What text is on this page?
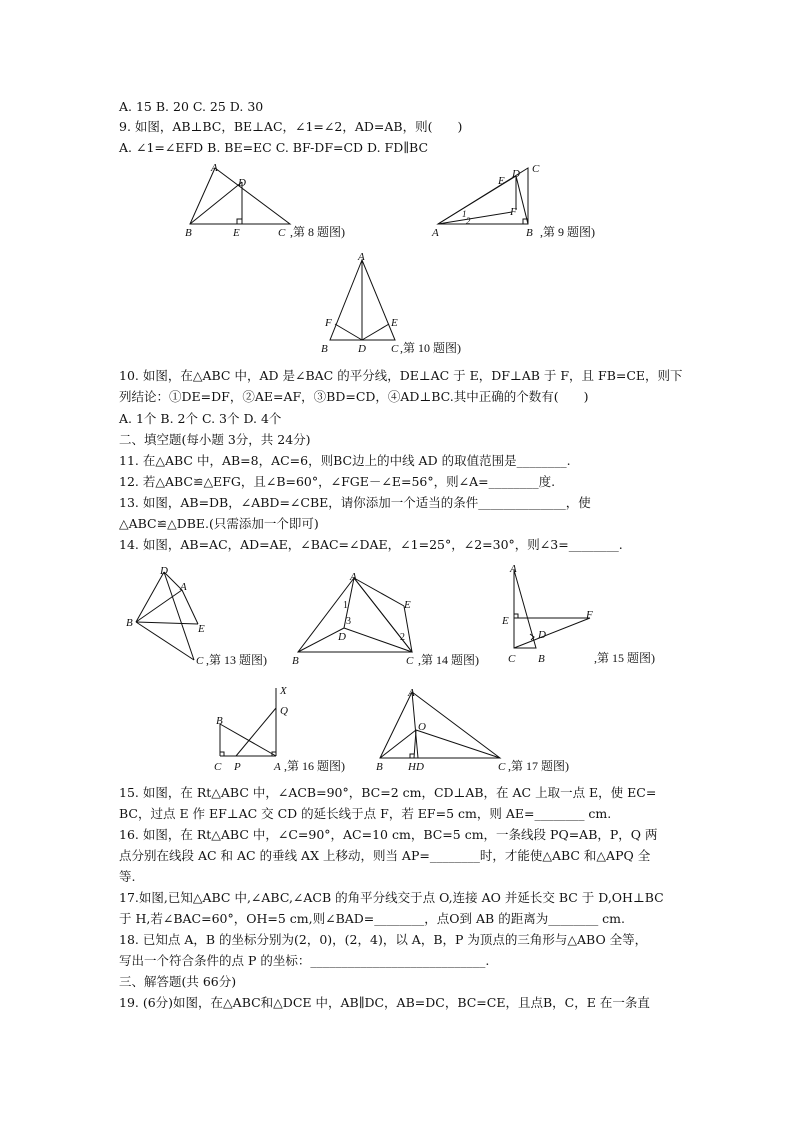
A. 15 B. 20 C. 25 D. 30
9. 如图，AB⊥BC，BE⊥AC，∠1=∠2，AD=AB，则(　　)
A. ∠1=∠EFD B. BE=EC C. BF-DF=CD D. FD∥BC
A
D
B	E	C ,第 8 题图)
C
E
D
1
2
F
A	B ,第 9 题图)
A
F	E
B	D C ,第 10 题图)
10. 如图，在△ABC 中，AD 是∠BAC 的平分线，DE⊥AC 于 E，DF⊥AB 于 F，且 FB=CE，则下
列结论：①DE=DF，②AE=AF，③BD=CD，④AD⊥BC.其中正确的个数有(　　)
A. 1个 B. 2个 C. 3个 D. 4个
二、填空题(每小题 3分，共 24分)
11. 在△ABC 中，AB=8，AC=6，则BC边上的中线 AD 的取值范围是________.
12. 若△ABC≌△EFG，且∠B=60°，∠FGE－∠E=56°，则∠A=________度.
13. 如图，AB=DB，∠ABD=∠CBE，请你添加一个适当的条件______________，使
△ABC≌△DBE.(只需添加一个即可)
14. 如图，AB=AC，AD=AE，∠BAC=∠DAE，∠1=25°，∠2=30°，则∠3=________.
D
A
B	E
C ,第 13 题图)
A
1	E
3
2
D
B	C ,第 14 题图)
A
F
E
D
C B	,第 15 题图)
X
Q
B
C P	A ,第 16 题图)
A
O
B HD	C ,第 17 题图)
15. 如图，在 Rt△ABC 中，∠ACB=90°，BC=2 cm，CD⊥AB，在 AC 上取一点 E，使 EC=
BC，过点 E 作 EF⊥AC 交 CD 的延长线于点 F，若 EF=5 cm，则 AE=________ cm.
16. 如图，在 Rt△ABC 中，∠C=90°，AC=10 cm，BC=5 cm，一条线段 PQ=AB，P，Q 两
点分别在线段 AC 和 AC 的垂线 AX 上移动，则当 AP=________时，才能使△ABC 和△APQ 全
等.
17.如图,已知△ABC 中,∠ABC,∠ACB 的角平分线交于点 O,连接 AO 并延长交 BC 于 D,OH⊥BC
于 H,若∠BAC=60°，OH=5 cm,则∠BAD=________，点O到 AB 的距离为________ cm.
18. 已知点 A，B 的坐标分别为(2，0)，(2，4)，以 A，B，P 为顶点的三角形与△ABO 全等，
写出一个符合条件的点 P 的坐标：____________________________.
三、解答题(共 66分)
19. (6分)如图，在△ABC和△DCE 中，AB∥DC，AB=DC，BC=CE，且点B，C，E 在一条直
